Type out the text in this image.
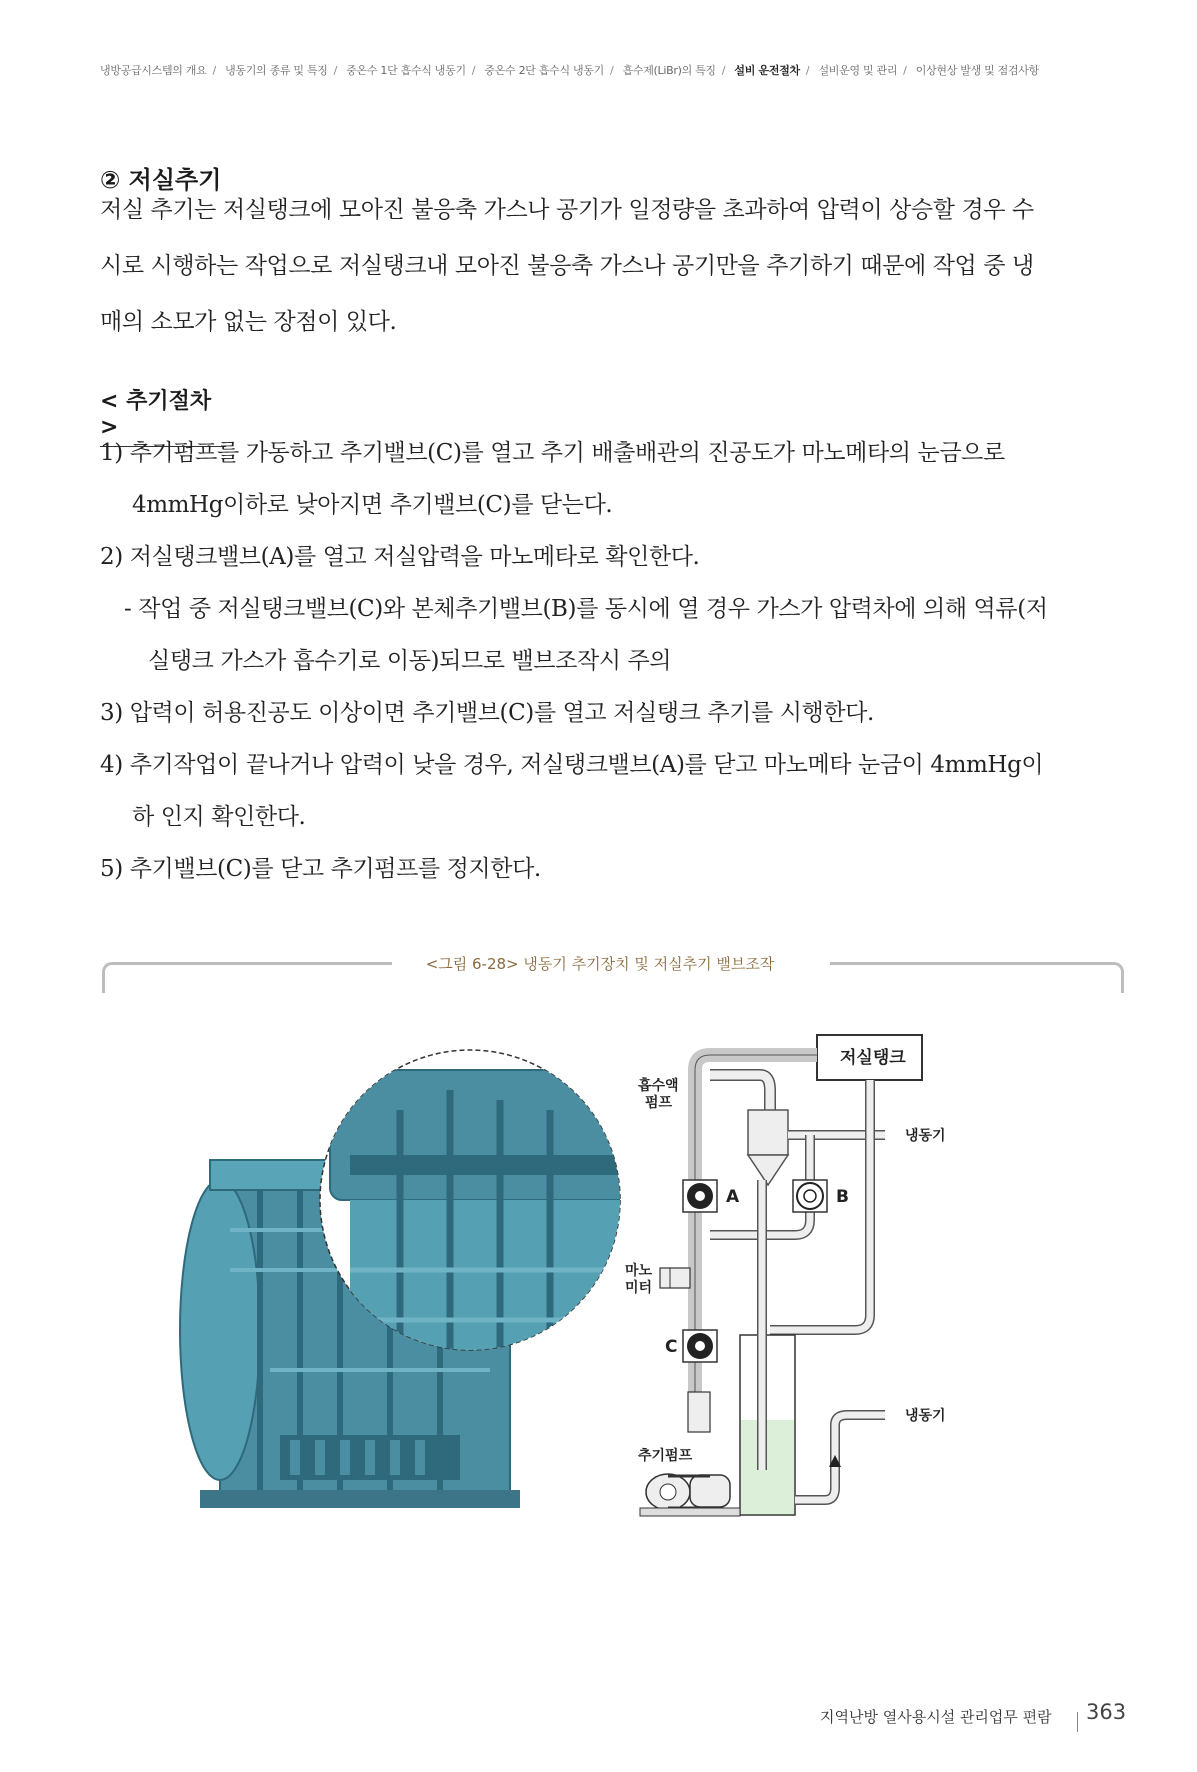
냉방공급시스템의 개요 / 냉동기의 종류 및 특징 / 중온수 1단 흡수식 냉동기 / 중온수 2단 흡수식 냉동기 / 흡수제(LiBr)의 특징 / 설비 운전절차 / 설비운영 및 관리 / 이상현상 발생 및 점검사항
② 저실추기
저실 추기는 저실탱크에 모아진 불응축 가스나 공기가 일정량을 초과하여 압력이 상승할 경우 수
시로 시행하는 작업으로 저실탱크내 모아진 불응축 가스나 공기만을 추기하기 때문에 작업 중 냉
매의 소모가 없는 장점이 있다.
< 추기절차>
1) 추기펌프를 가동하고 추기밸브(C)를 열고 추기 배출배관의 진공도가 마노메타의 눈금으로
4mmHg이하로 낮아지면 추기밸브(C)를 닫는다.
2) 저실탱크밸브(A)를 열고 저실압력을 마노메타로 확인한다.
- 작업 중 저실탱크밸브(C)와 본체추기밸브(B)를 동시에 열 경우 가스가 압력차에 의해 역류(저
실탱크 가스가 흡수기로 이동)되므로 밸브조작시 주의
3) 압력이 허용진공도 이상이면 추기밸브(C)를 열고 저실탱크 추기를 시행한다.
4) 추기작업이 끝나거나 압력이 낮을 경우, 저실탱크밸브(A)를 닫고 마노메타 눈금이 4mmHg이
하 인지 확인한다.
5) 추기밸브(C)를 닫고 추기펌프를 정지한다.
<그림 6-28> 냉동기 추기장치 및 저실추기 밸브조작
저실탱크
냉동기
A	B
마노
미터
C
냉동기
추기펌프
흡수액
펌프
지역난방 열사용시설 관리업무 편람 363
